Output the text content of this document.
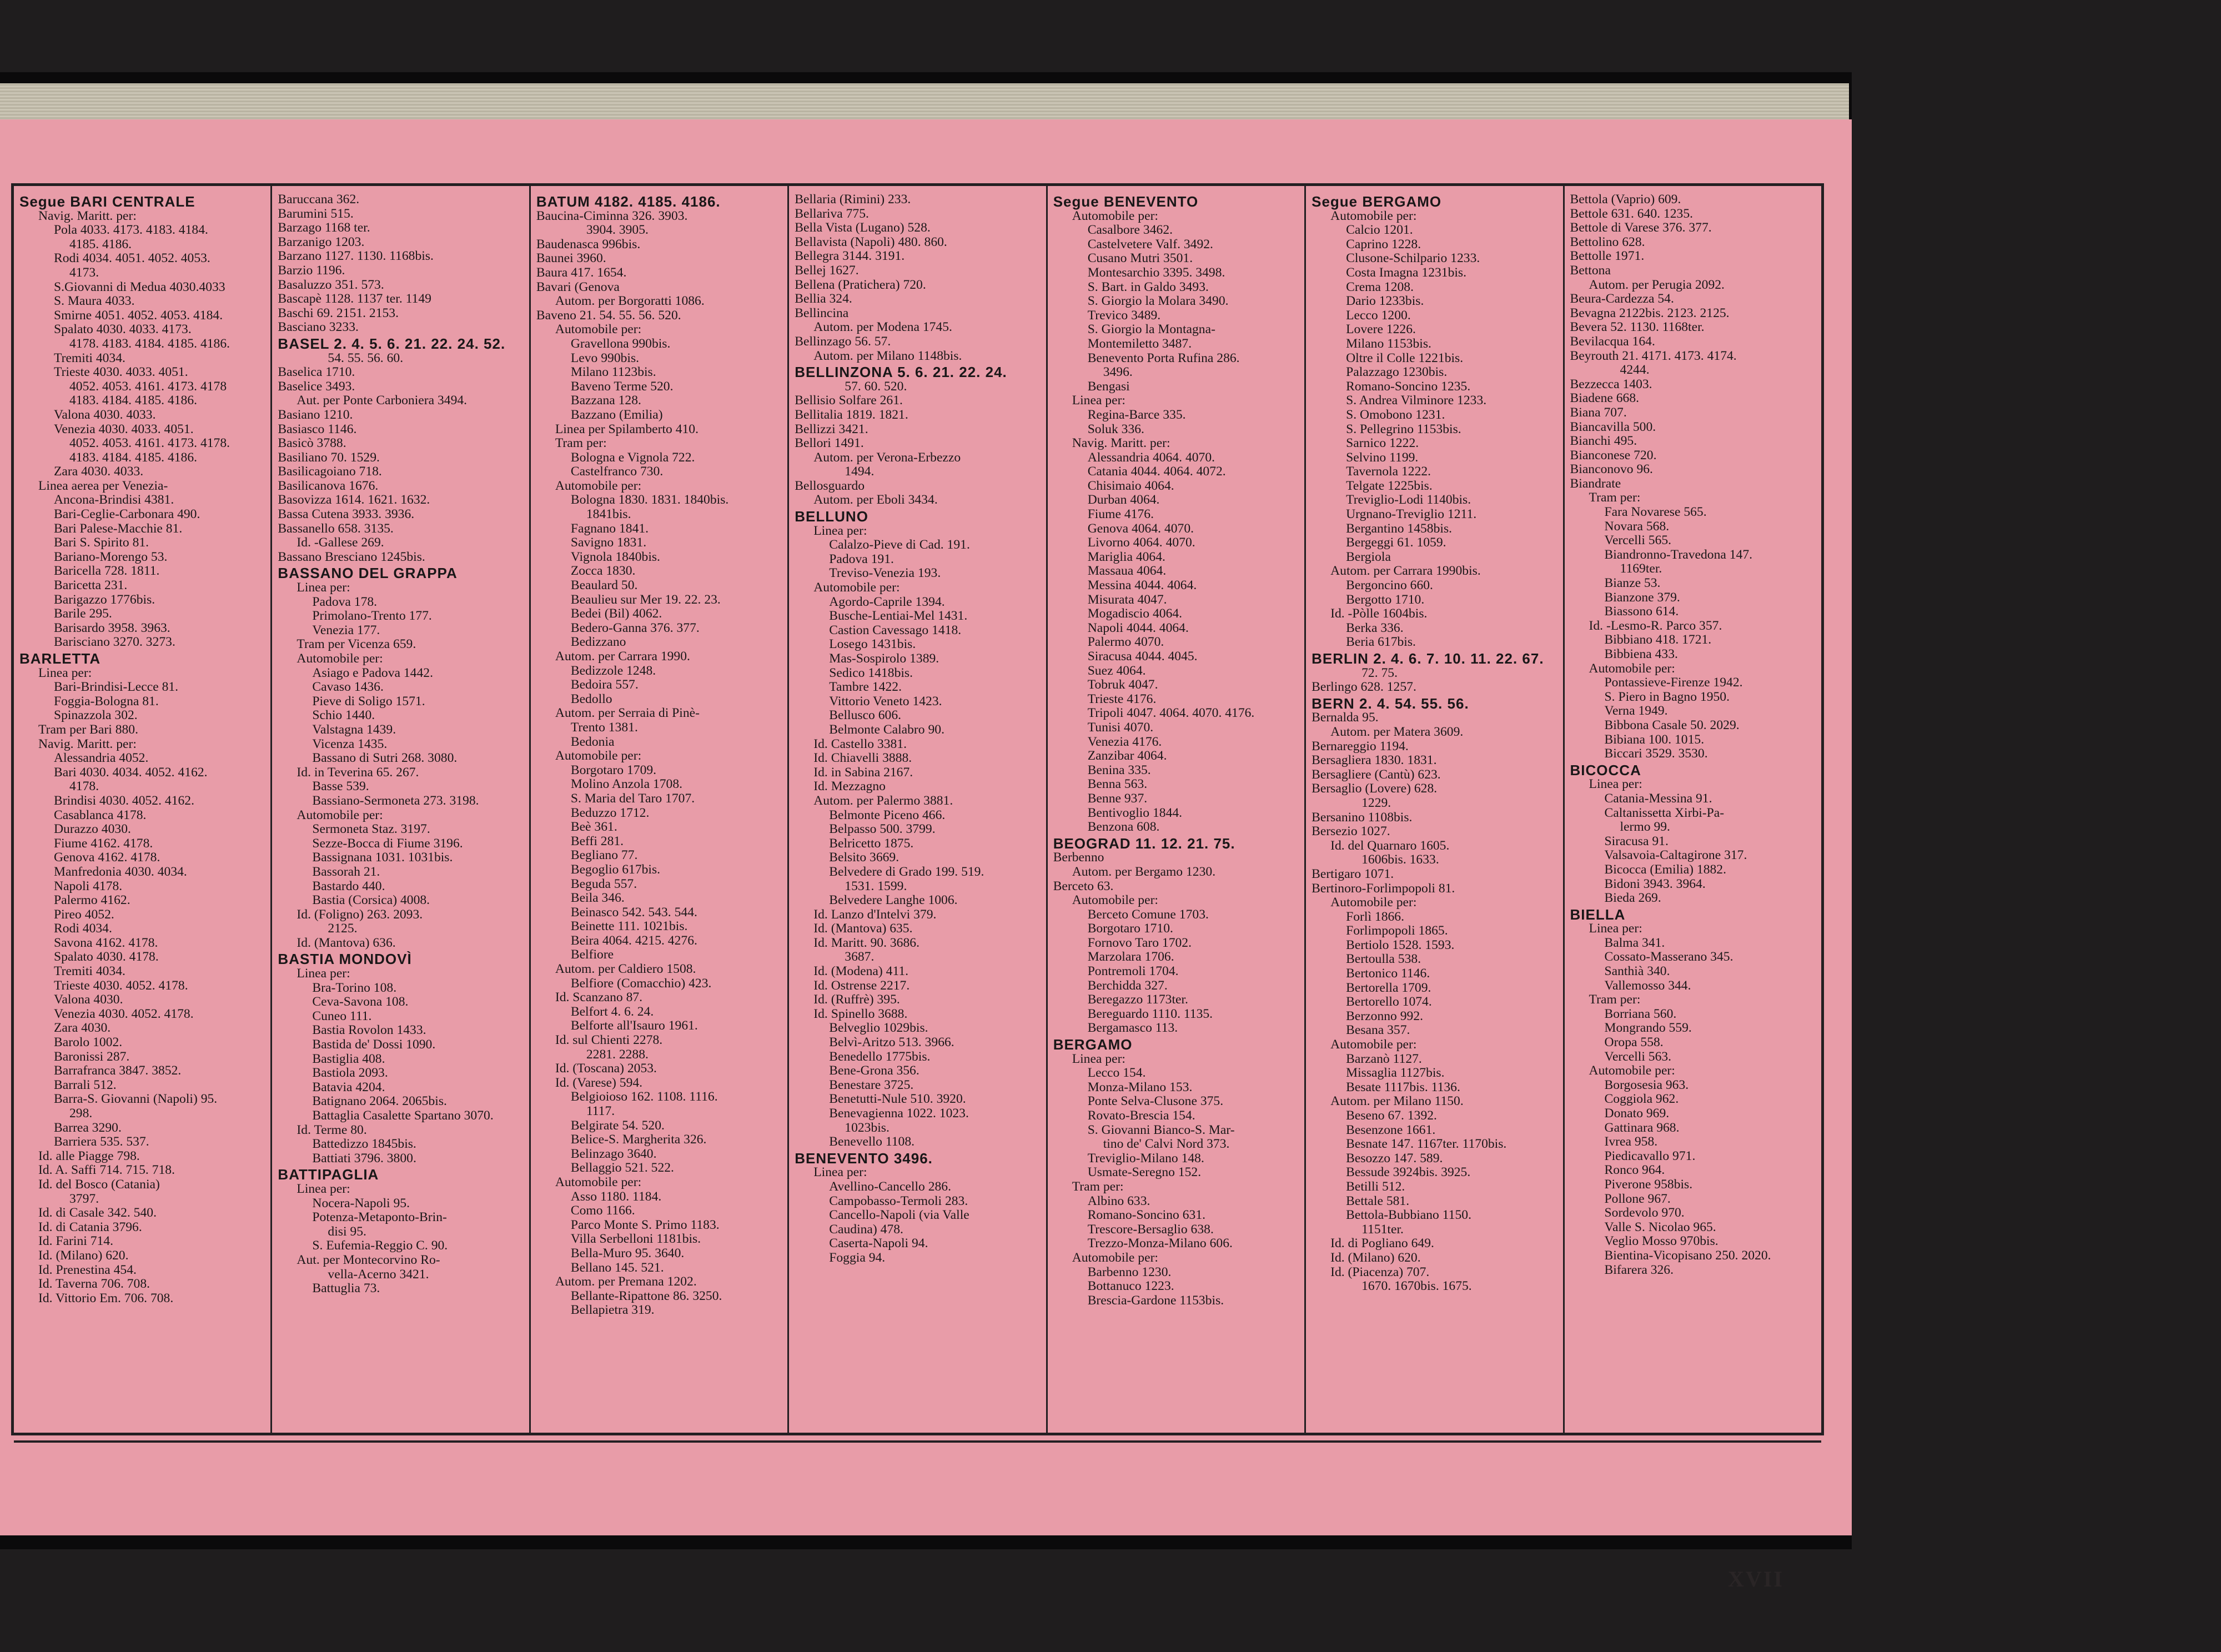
Segue BARI CENTRALE
Navig. Maritt. per:
Pola 4033. 4173. 4183. 4184.
4185. 4186.
Rodi 4034. 4051. 4052. 4053.
4173.
S.Giovanni di Medua 4030.4033
S. Maura 4033.
Smirne 4051. 4052. 4053. 4184.
Spalato 4030. 4033. 4173.
4178. 4183. 4184. 4185. 4186.
Tremiti 4034.
Trieste 4030. 4033. 4051.
4052. 4053. 4161. 4173. 4178
4183. 4184. 4185. 4186.
Valona 4030. 4033.
Venezia 4030. 4033. 4051.
4052. 4053. 4161. 4173. 4178.
4183. 4184. 4185. 4186.
Zara 4030. 4033.
Linea aerea per Venezia-
Ancona-Brindisi 4381.
Bari-Ceglie-Carbonara 490.
Bari Palese-Macchie 81.
Bari S. Spirito 81.
Bariano-Morengo 53.
Baricella 728. 1811.
Baricetta 231.
Barigazzo 1776bis.
Barile 295.
Barisardo 3958. 3963.
Barisciano 3270. 3273.
BARLETTA
Linea per:
Bari-Brindisi-Lecce 81.
Foggia-Bologna 81.
Spinazzola 302.
Tram per Bari 880.
Navig. Maritt. per:
Alessandria 4052.
Bari 4030. 4034. 4052. 4162.
4178.
Brindisi 4030. 4052. 4162.
Casablanca 4178.
Durazzo 4030.
Fiume 4162. 4178.
Genova 4162. 4178.
Manfredonia 4030. 4034.
Napoli 4178.
Palermo 4162.
Pireo 4052.
Rodi 4034.
Savona 4162. 4178.
Spalato 4030. 4178.
Tremiti 4034.
Trieste 4030. 4052. 4178.
Valona 4030.
Venezia 4030. 4052. 4178.
Zara 4030.
Barolo 1002.
Baronissi 287.
Barrafranca 3847. 3852.
Barrali 512.
Barra-S. Giovanni (Napoli) 95.
298.
Barrea 3290.
Barriera 535. 537.
Id. alle Piagge 798.
Id. A. Saffi 714. 715. 718.
Id. del Bosco (Catania)
3797.
Id. di Casale 342. 540.
Id. di Catania 3796.
Id. Farini 714.
Id. (Milano) 620.
Id. Prenestina 454.
Id. Taverna 706. 708.
Id. Vittorio Em. 706. 708.
Baruccana 362.
Barumini 515.
Barzago 1168 ter.
Barzanigo 1203.
Barzano 1127. 1130. 1168bis.
Barzio 1196.
Basaluzzo 351. 573.
Bascapè 1128. 1137 ter. 1149
Baschi 69. 2151. 2153.
Basciano 3233.
BASEL 2. 4. 5. 6. 21. 22. 24. 52.
54. 55. 56. 60.
Baselica 1710.
Baselice 3493.
Aut. per Ponte Carboniera 3494.
Basiano 1210.
Basiasco 1146.
Basicò 3788.
Basiliano 70. 1529.
Basilicagoiano 718.
Basilicanova 1676.
Basovizza 1614. 1621. 1632.
Bassa Cutena 3933. 3936.
Bassanello 658. 3135.
Id. -Gallese 269.
Bassano Bresciano 1245bis.
BASSANO DEL GRAPPA
Linea per:
Padova 178.
Primolano-Trento 177.
Venezia 177.
Tram per Vicenza 659.
Automobile per:
Asiago e Padova 1442.
Cavaso 1436.
Pieve di Soligo 1571.
Schio 1440.
Valstagna 1439.
Vicenza 1435.
Bassano di Sutri 268. 3080.
Id. in Teverina 65. 267.
Basse 539.
Bassiano-Sermoneta 273. 3198.
Automobile per:
Sermoneta Staz. 3197.
Sezze-Bocca di Fiume 3196.
Bassignana 1031. 1031bis.
Bassorah 21.
Bastardo 440.
Bastia (Corsica) 4008.
Id. (Foligno) 263. 2093.
2125.
Id. (Mantova) 636.
BASTIA MONDOVÌ
Linea per:
Bra-Torino 108.
Ceva-Savona 108.
Cuneo 111.
Bastia Rovolon 1433.
Bastida de' Dossi 1090.
Bastiglia 408.
Bastiola 2093.
Batavia 4204.
Batignano 2064. 2065bis.
Battaglia Casalette Spartano 3070.
Id. Terme 80.
Battedizzo 1845bis.
Battiati 3796. 3800.
BATTIPAGLIA
Linea per:
Nocera-Napoli 95.
Potenza-Metaponto-Brin-
disi 95.
S. Eufemia-Reggio C. 90.
Aut. per Montecorvino Ro-
vella-Acerno 3421.
Battuglia 73.
BATUM 4182. 4185. 4186.
Baucina-Ciminna 326. 3903.
3904. 3905.
Baudenasca 996bis.
Baunei 3960.
Baura 417. 1654.
Bavari (Genova
Autom. per Borgoratti 1086.
Baveno 21. 54. 55. 56. 520.
Automobile per:
Gravellona 990bis.
Levo 990bis.
Milano 1123bis.
Baveno Terme 520.
Bazzana 128.
Bazzano (Emilia)
Linea per Spilamberto 410.
Tram per:
Bologna e Vignola 722.
Castelfranco 730.
Automobile per:
Bologna 1830. 1831. 1840bis.
1841bis.
Fagnano 1841.
Savigno 1831.
Vignola 1840bis.
Zocca 1830.
Beaulard 50.
Beaulieu sur Mer 19. 22. 23.
Bedei (Bil) 4062.
Bedero-Ganna 376. 377.
Bedizzano
Autom. per Carrara 1990.
Bedizzole 1248.
Bedoira 557.
Bedollo
Autom. per Serraia di Pinè-
Trento 1381.
Bedonia
Automobile per:
Borgotaro 1709.
Molino Anzola 1708.
S. Maria del Taro 1707.
Beduzzo 1712.
Beè 361.
Beffi 281.
Begliano 77.
Begoglio 617bis.
Beguda 557.
Beila 346.
Beinasco 542. 543. 544.
Beinette 111. 1021bis.
Beira 4064. 4215. 4276.
Belfiore
Autom. per Caldiero 1508.
Belfiore (Comacchio) 423.
Id. Scanzano 87.
Belfort 4. 6. 24.
Belforte all'Isauro 1961.
Id. sul Chienti 2278.
2281. 2288.
Id. (Toscana) 2053.
Id. (Varese) 594.
Belgioioso 162. 1108. 1116.
1117.
Belgirate 54. 520.
Belice-S. Margherita 326.
Belinzago 3640.
Bellaggio 521. 522.
Automobile per:
Asso 1180. 1184.
Como 1166.
Parco Monte S. Primo 1183.
Villa Serbelloni 1181bis.
Bella-Muro 95. 3640.
Bellano 145. 521.
Autom. per Premana 1202.
Bellante-Ripattone 86. 3250.
Bellapietra 319.
Bellaria (Rimini) 233.
Bellariva 775.
Bella Vista (Lugano) 528.
Bellavista (Napoli) 480. 860.
Bellegra 3144. 3191.
Bellej 1627.
Bellena (Pratichera) 720.
Bellia 324.
Bellincina
Autom. per Modena 1745.
Bellinzago 56. 57.
Autom. per Milano 1148bis.
BELLINZONA 5. 6. 21. 22. 24.
57. 60. 520.
Bellisio Solfare 261.
Bellitalia 1819. 1821.
Bellizzi 3421.
Bellori 1491.
Autom. per Verona-Erbezzo
1494.
Bellosguardo
Autom. per Eboli 3434.
BELLUNO
Linea per:
Calalzo-Pieve di Cad. 191.
Padova 191.
Treviso-Venezia 193.
Automobile per:
Agordo-Caprile 1394.
Busche-Lentiai-Mel 1431.
Castion Cavessago 1418.
Losego 1431bis.
Mas-Sospirolo 1389.
Sedico 1418bis.
Tambre 1422.
Vittorio Veneto 1423.
Bellusco 606.
Belmonte Calabro 90.
Id. Castello 3381.
Id. Chiavelli 3888.
Id. in Sabina 2167.
Id. Mezzagno
Autom. per Palermo 3881.
Belmonte Piceno 466.
Belpasso 500. 3799.
Belricetto 1875.
Belsito 3669.
Belvedere di Grado 199. 519.
1531. 1599.
Belvedere Langhe 1006.
Id. Lanzo d'Intelvi 379.
Id. (Mantova) 635.
Id. Maritt. 90. 3686.
3687.
Id. (Modena) 411.
Id. Ostrense 2217.
Id. (Ruffrè) 395.
Id. Spinello 3688.
Belveglio 1029bis.
Belvì-Aritzo 513. 3966.
Benedello 1775bis.
Bene-Grona 356.
Benestare 3725.
Benetutti-Nule 510. 3920.
Benevagienna 1022. 1023.
1023bis.
Benevello 1108.
BENEVENTO 3496.
Linea per:
Avellino-Cancello 286.
Campobasso-Termoli 283.
Cancello-Napoli (via Valle
Caudina) 478.
Caserta-Napoli 94.
Foggia 94.
Segue BENEVENTO
Automobile per:
Casalbore 3462.
Castelvetere Valf. 3492.
Cusano Mutri 3501.
Montesarchio 3395. 3498.
S. Bart. in Galdo 3493.
S. Giorgio la Molara 3490.
Trevico 3489.
S. Giorgio la Montagna-
Montemiletto 3487.
Benevento Porta Rufina 286.
3496.
Bengasi
Linea per:
Regina-Barce 335.
Soluk 336.
Navig. Maritt. per:
Alessandria 4064. 4070.
Catania 4044. 4064. 4072.
Chisimaio 4064.
Durban 4064.
Fiume 4176.
Genova 4064. 4070.
Livorno 4064. 4070.
Mariglia 4064.
Massaua 4064.
Messina 4044. 4064.
Misurata 4047.
Mogadiscio 4064.
Napoli 4044. 4064.
Palermo 4070.
Siracusa 4044. 4045.
Suez 4064.
Tobruk 4047.
Trieste 4176.
Tripoli 4047. 4064. 4070. 4176.
Tunisi 4070.
Venezia 4176.
Zanzibar 4064.
Benina 335.
Benna 563.
Benne 937.
Bentivoglio 1844.
Benzona 608.
BEOGRAD 11. 12. 21. 75.
Berbenno
Autom. per Bergamo 1230.
Berceto 63.
Automobile per:
Berceto Comune 1703.
Borgotaro 1710.
Fornovo Taro 1702.
Marzolara 1706.
Pontremoli 1704.
Berchidda 327.
Beregazzo 1173ter.
Bereguardo 1110. 1135.
Bergamasco 113.
BERGAMO
Linea per:
Lecco 154.
Monza-Milano 153.
Ponte Selva-Clusone 375.
Rovato-Brescia 154.
S. Giovanni Bianco-S. Mar-
tino de' Calvi Nord 373.
Treviglio-Milano 148.
Usmate-Seregno 152.
Tram per:
Albino 633.
Romano-Soncino 631.
Trescore-Bersaglio 638.
Trezzo-Monza-Milano 606.
Automobile per:
Barbenno 1230.
Bottanuco 1223.
Brescia-Gardone 1153bis.
Segue BERGAMO
Automobile per:
Calcio 1201.
Caprino 1228.
Clusone-Schilpario 1233.
Costa Imagna 1231bis.
Crema 1208.
Dario 1233bis.
Lecco 1200.
Lovere 1226.
Milano 1153bis.
Oltre il Colle 1221bis.
Palazzago 1230bis.
Romano-Soncino 1235.
S. Andrea Vilminore 1233.
S. Omobono 1231.
S. Pellegrino 1153bis.
Sarnico 1222.
Selvino 1199.
Tavernola 1222.
Telgate 1225bis.
Treviglio-Lodi 1140bis.
Urgnano-Treviglio 1211.
Bergantino 1458bis.
Bergeggi 61. 1059.
Bergiola
Autom. per Carrara 1990bis.
Bergoncino 660.
Bergotto 1710.
Id. -Pòlle 1604bis.
Berka 336.
Beria 617bis.
BERLIN 2. 4. 6. 7. 10. 11. 22. 67.
72. 75.
Berlingo 628. 1257.
BERN 2. 4. 54. 55. 56.
Bernalda 95.
Autom. per Matera 3609.
Bernareggio 1194.
Bersagliera 1830. 1831.
Bersagliere (Cantù) 623.
Bersaglio (Lovere) 628.
1229.
Bersanino 1108bis.
Bersezio 1027.
Id. del Quarnaro 1605.
1606bis. 1633.
Bertigaro 1071.
Bertinoro-Forlimpopoli 81.
Automobile per:
Forlì 1866.
Forlimpopoli 1865.
Bertiolo 1528. 1593.
Bertoulla 538.
Bertonico 1146.
Bertorella 1709.
Bertorello 1074.
Berzonno 992.
Besana 357.
Automobile per:
Barzanò 1127.
Missaglia 1127bis.
Besate 1117bis. 1136.
Autom. per Milano 1150.
Beseno 67. 1392.
Besenzone 1661.
Besnate 147. 1167ter. 1170bis.
Besozzo 147. 589.
Bessude 3924bis. 3925.
Betilli 512.
Bettale 581.
Bettola-Bubbiano 1150.
1151ter.
Id. di Pogliano 649.
Id. (Milano) 620.
Id. (Piacenza) 707.
1670. 1670bis. 1675.
Bettola (Vaprio) 609.
Bettole 631. 640. 1235.
Bettole di Varese 376. 377.
Bettolino 628.
Bettolle 1971.
Bettona
Autom. per Perugia 2092.
Beura-Cardezza 54.
Bevagna 2122bis. 2123. 2125.
Bevera 52. 1130. 1168ter.
Bevilacqua 164.
Beyrouth 21. 4171. 4173. 4174.
4244.
Bezzecca 1403.
Biadene 668.
Biana 707.
Biancavilla 500.
Bianchi 495.
Bianconese 720.
Bianconovo 96.
Biandrate
Tram per:
Fara Novarese 565.
Novara 568.
Vercelli 565.
Biandronno-Travedona 147.
1169ter.
Bianze 53.
Bianzone 379.
Biassono 614.
Id. -Lesmo-R. Parco 357.
Bibbiano 418. 1721.
Bibbiena 433.
Automobile per:
Pontassieve-Firenze 1942.
S. Piero in Bagno 1950.
Verna 1949.
Bibbona Casale 50. 2029.
Bibiana 100. 1015.
Biccari 3529. 3530.
BICOCCA
Linea per:
Catania-Messina 91.
Caltanissetta Xirbi-Pa-
lermo 99.
Siracusa 91.
Valsavoia-Caltagirone 317.
Bicocca (Emilia) 1882.
Bidoni 3943. 3964.
Bieda 269.
BIELLA
Linea per:
Balma 341.
Cossato-Masserano 345.
Santhià 340.
Vallemosso 344.
Tram per:
Borriana 560.
Mongrando 559.
Oropa 558.
Vercelli 563.
Automobile per:
Borgosesia 963.
Coggiola 962.
Donato 969.
Gattinara 968.
Ivrea 958.
Piedicavallo 971.
Ronco 964.
Piverone 958bis.
Pollone 967.
Sordevolo 970.
Valle S. Nicolao 965.
Veglio Mosso 970bis.
Bientina-Vicopisano 250. 2020.
Bifarera 326.
XVII
